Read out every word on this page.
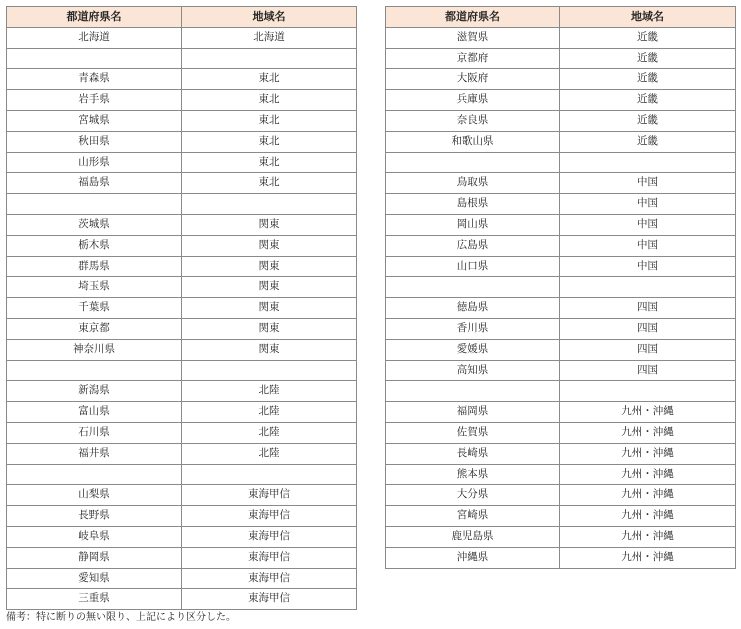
都道府県名	地域名
北海道	北海道

青森県	東北
岩手県	東北
宮城県	東北
秋田県	東北
山形県	東北
福島県	東北

茨城県	関東
栃木県	関東
群馬県	関東
埼玉県	関東
千葉県	関東
東京都	関東
神奈川県	関東

新潟県	北陸
富山県	北陸
石川県	北陸
福井県	北陸

山梨県	東海甲信
長野県	東海甲信
岐阜県	東海甲信
静岡県	東海甲信
愛知県	東海甲信
三重県	東海甲信
都道府県名	地域名
滋賀県	近畿
京都府	近畿
大阪府	近畿
兵庫県	近畿
奈良県	近畿
和歌山県	近畿

鳥取県	中国
島根県	中国
岡山県	中国
広島県	中国
山口県	中国

徳島県	四国
香川県	四国
愛媛県	四国
高知県	四国

福岡県	九州・沖縄
佐賀県	九州・沖縄
長崎県	九州・沖縄
熊本県	九州・沖縄
大分県	九州・沖縄
宮崎県	九州・沖縄
鹿児島県	九州・沖縄
沖縄県	九州・沖縄
備考：特に断りの無い限り、上記により区分した。
